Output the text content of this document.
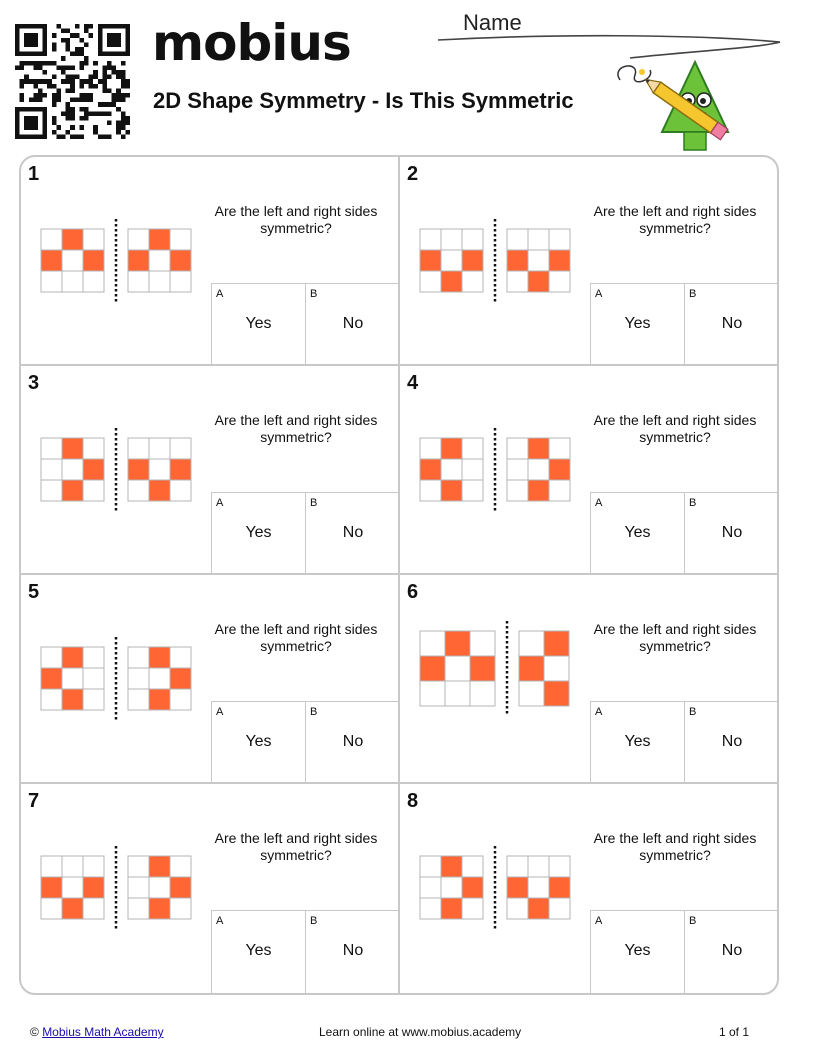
mobius
2D Shape Symmetry - Is This Symmetric
Name
1
Are the left and right sides symmetric?
A
Yes
B
No
2
Are the left and right sides symmetric?
A
Yes
B
No
3
Are the left and right sides symmetric?
A
Yes
B
No
4
Are the left and right sides symmetric?
A
Yes
B
No
5
Are the left and right sides symmetric?
A
Yes
B
No
6
Are the left and right sides symmetric?
A
Yes
B
No
7
Are the left and right sides symmetric?
A
Yes
B
No
8
Are the left and right sides symmetric?
A
Yes
B
No
© Mobius Math Academy	Learn online at www.mobius.academy	1 of 1
